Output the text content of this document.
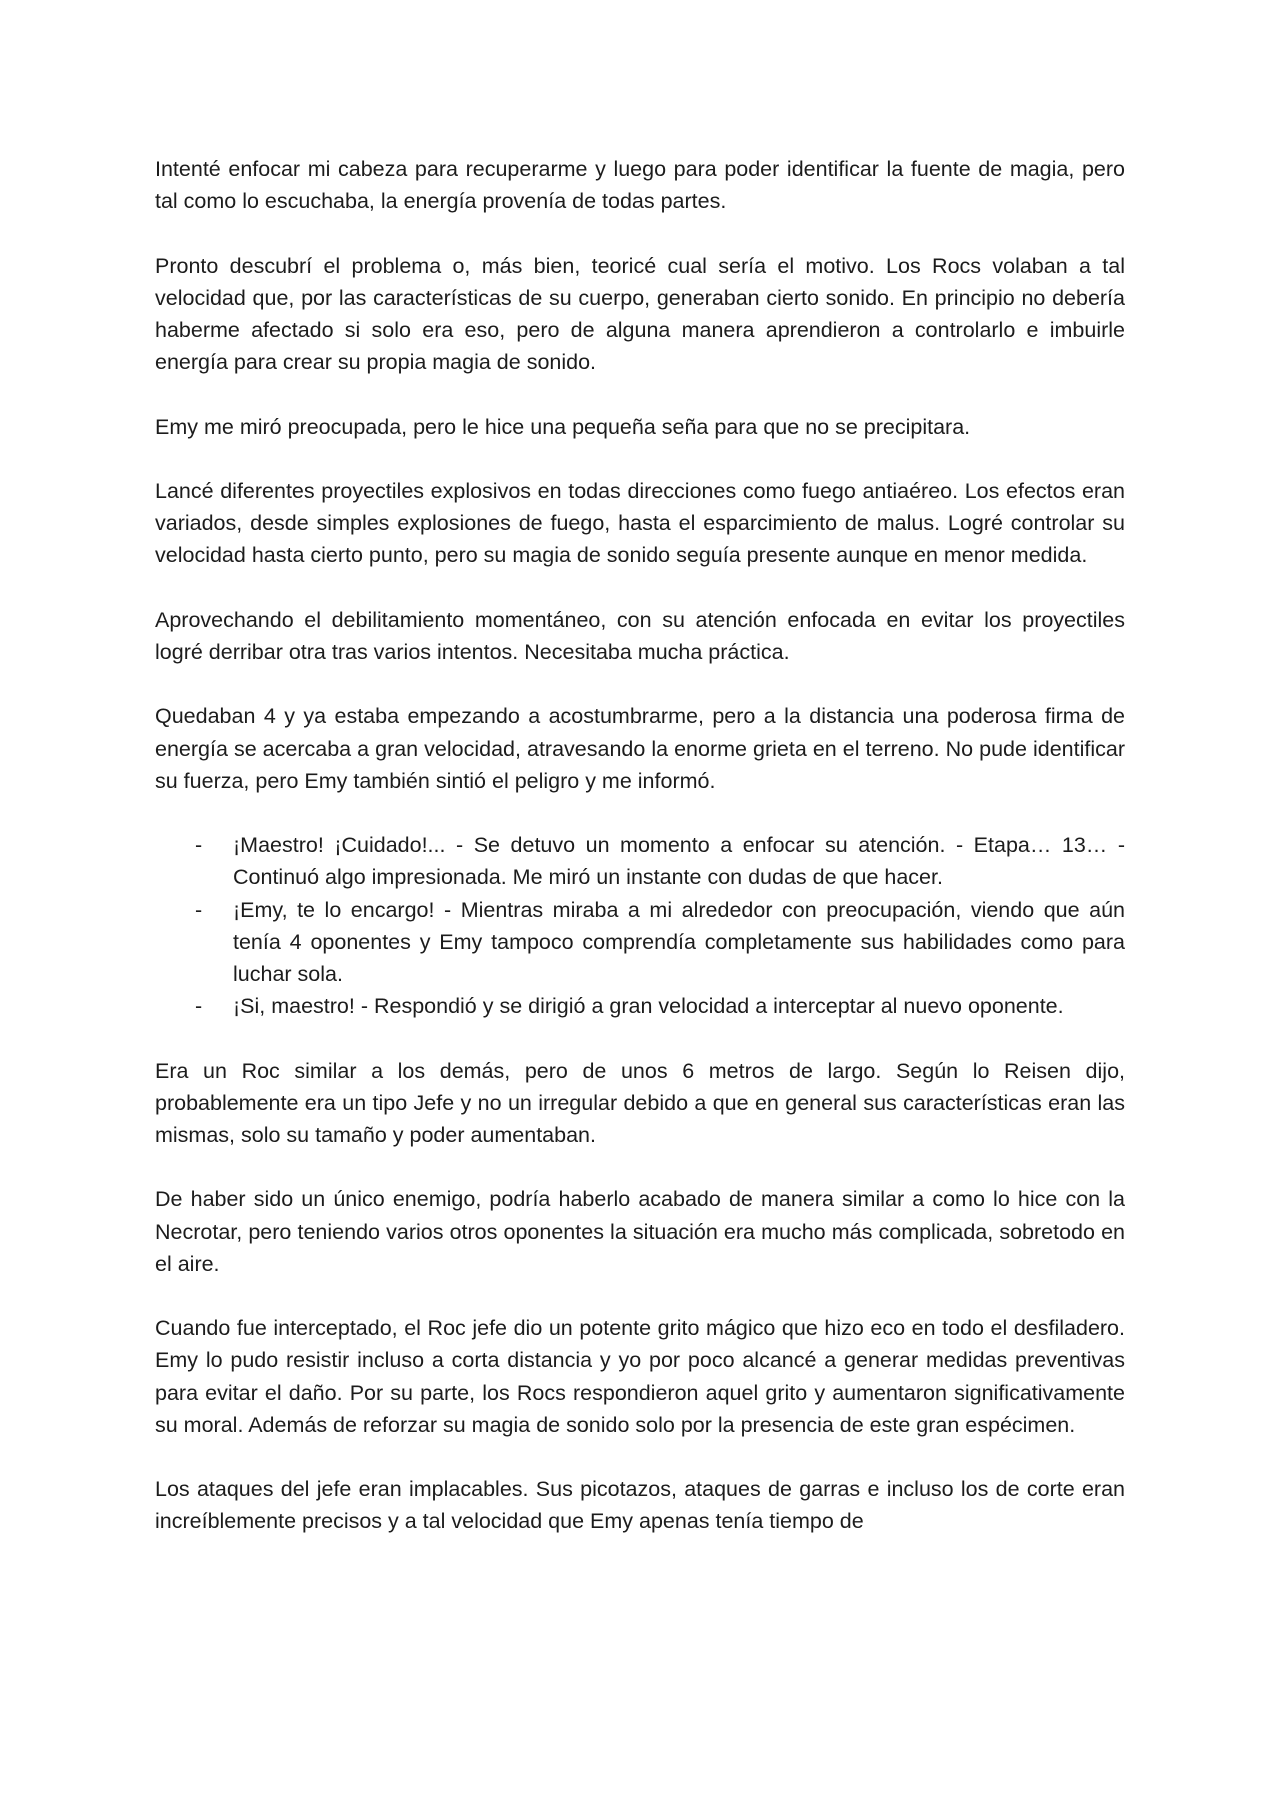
Intenté enfocar mi cabeza para recuperarme y luego para poder identificar la fuente de magia, pero tal como lo escuchaba, la energía provenía de todas partes.

Pronto descubrí el problema o, más bien, teoricé cual sería el motivo. Los Rocs volaban a tal velocidad que, por las características de su cuerpo, generaban cierto sonido. En principio no debería haberme afectado si solo era eso, pero de alguna manera aprendieron a controlarlo e imbuirle energía para crear su propia magia de sonido.

Emy me miró preocupada, pero le hice una pequeña seña para que no se precipitara.

Lancé diferentes proyectiles explosivos en todas direcciones como fuego antiaéreo. Los efectos eran variados, desde simples explosiones de fuego, hasta el esparcimiento de malus. Logré controlar su velocidad hasta cierto punto, pero su magia de sonido seguía presente aunque en menor medida.

Aprovechando el debilitamiento momentáneo, con su atención enfocada en evitar los proyectiles logré derribar otra tras varios intentos. Necesitaba mucha práctica.

Quedaban 4 y ya estaba empezando a acostumbrarme, pero a la distancia una poderosa firma de energía se acercaba a gran velocidad, atravesando la enorme grieta en el terreno. No pude identificar su fuerza, pero Emy también sintió el peligro y me informó.

- ¡Maestro! ¡Cuidado!... - Se detuvo un momento a enfocar su atención. - Etapa… 13… - Continuó algo impresionada. Me miró un instante con dudas de que hacer.
- ¡Emy, te lo encargo! - Mientras miraba a mi alrededor con preocupación, viendo que aún tenía 4 oponentes y Emy tampoco comprendía completamente sus habilidades como para luchar sola.
- ¡Si, maestro! - Respondió y se dirigió a gran velocidad a interceptar al nuevo oponente.

Era un Roc similar a los demás, pero de unos 6 metros de largo. Según lo Reisen dijo, probablemente era un tipo Jefe y no un irregular debido a que en general sus características eran las mismas, solo su tamaño y poder aumentaban.

De haber sido un único enemigo, podría haberlo acabado de manera similar a como lo hice con la Necrotar, pero teniendo varios otros oponentes la situación era mucho más complicada, sobretodo en el aire.

Cuando fue interceptado, el Roc jefe dio un potente grito mágico que hizo eco en todo el desfiladero. Emy lo pudo resistir incluso a corta distancia y yo por poco alcancé a generar medidas preventivas para evitar el daño. Por su parte, los Rocs respondieron aquel grito y aumentaron significativamente su moral. Además de reforzar su magia de sonido solo por la presencia de este gran espécimen.

Los ataques del jefe eran implacables. Sus picotazos, ataques de garras e incluso los de corte eran increíblemente precisos y a tal velocidad que Emy apenas tenía tiempo de
